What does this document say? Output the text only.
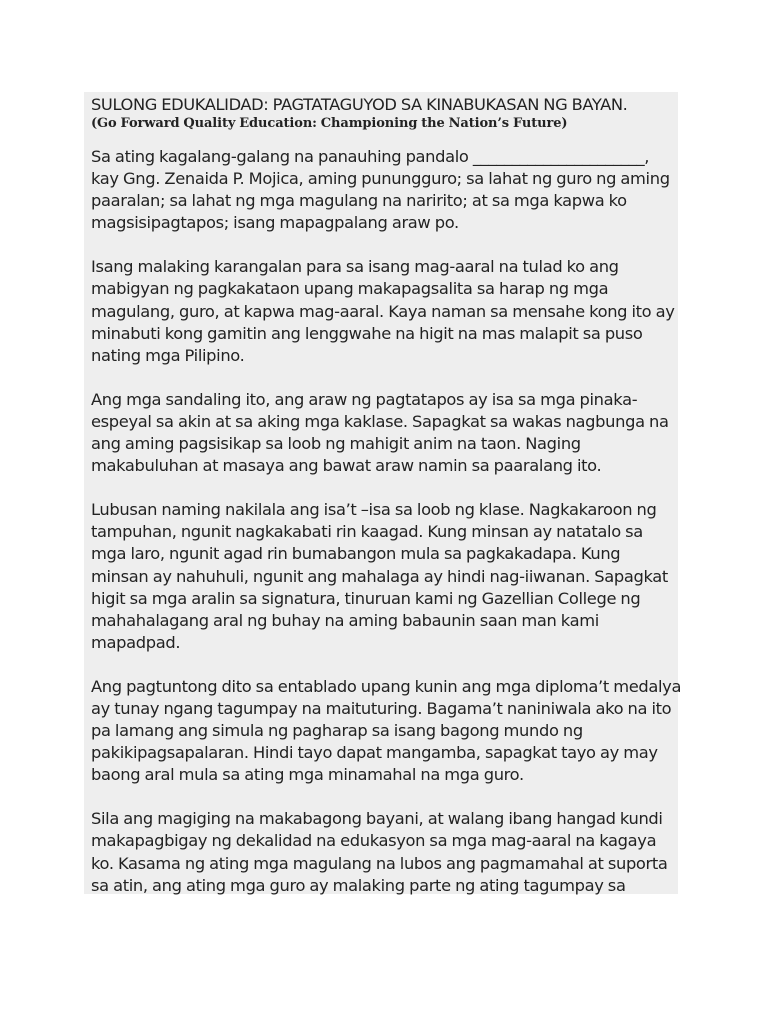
SULONG EDUKALIDAD: PAGTATAGUYOD SA KINABUKASAN NG BAYAN.

(Go Forward Quality Education: Championing the Nation’s Future)

Sa ating kagalang-galang na panauhing pandalo ______________________,
kay Gng. Zenaida P. Mojica, aming punungguro; sa lahat ng guro ng aming
paaralan; sa lahat ng mga magulang na naririto; at sa mga kapwa ko
magsisipagtapos; isang mapagpalang araw po.

Isang malaking karangalan para sa isang mag-aaral na tulad ko ang
mabigyan ng pagkakataon upang makapagsalita sa harap ng mga
magulang, guro, at kapwa mag-aaral. Kaya naman sa mensahe kong ito ay
minabuti kong gamitin ang lenggwahe na higit na mas malapit sa puso
nating mga Pilipino.

Ang mga sandaling ito, ang araw ng pagtatapos ay isa sa mga pinaka-
espeyal sa akin at sa aking mga kaklase. Sapagkat sa wakas nagbunga na
ang aming pagsisikap sa loob ng mahigit anim na taon. Naging
makabuluhan at masaya ang bawat araw namin sa paaralang ito.

Lubusan naming nakilala ang isa’t –isa sa loob ng klase. Nagkakaroon ng
tampuhan, ngunit nagkakabati rin kaagad. Kung minsan ay natatalo sa
mga laro, ngunit agad rin bumabangon mula sa pagkakadapa. Kung
minsan ay nahuhuli, ngunit ang mahalaga ay hindi nag-iiwanan. Sapagkat
higit sa mga aralin sa signatura, tinuruan kami ng Gazellian College ng
mahahalagang aral ng buhay na aming babaunin saan man kami
mapadpad.

Ang pagtuntong dito sa entablado upang kunin ang mga diploma’t medalya
ay tunay ngang tagumpay na maituturing. Bagama’t naniniwala ako na ito
pa lamang ang simula ng pagharap sa isang bagong mundo ng
pakikipagsapalaran. Hindi tayo dapat mangamba, sapagkat tayo ay may
baong aral mula sa ating mga minamahal na mga guro.

Sila ang magiging na makabagong bayani, at walang ibang hangad kundi
makapagbigay ng dekalidad na edukasyon sa mga mag-aaral na kagaya
ko. Kasama ng ating mga magulang na lubos ang pagmamahal at suporta
sa atin, ang ating mga guro ay malaking parte ng ating tagumpay sa
